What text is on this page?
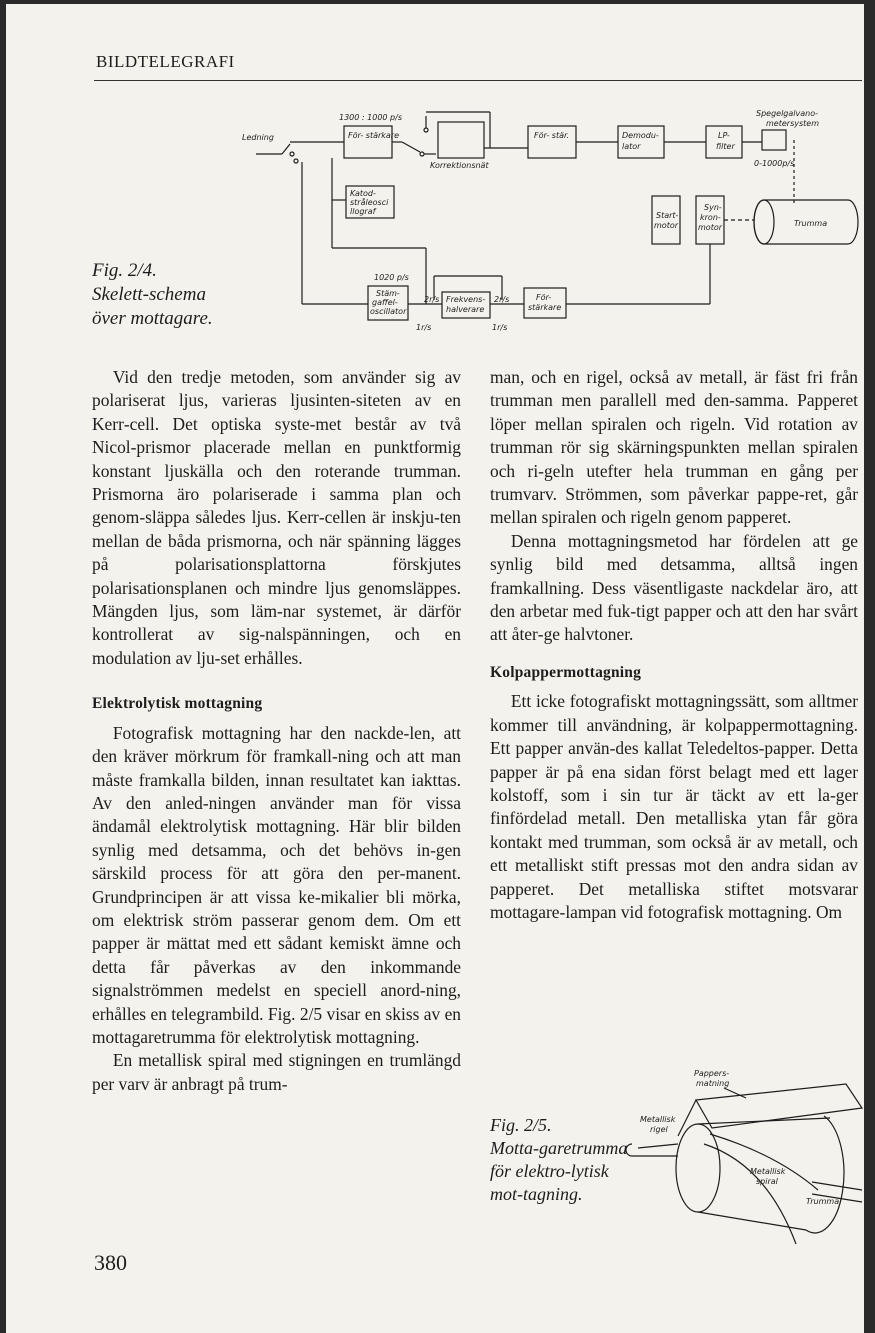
BILDTELEGRAFI
Ledning	För- stärkare
1300 : 1000 p/s
Korrektionsnät
För- stär.	Demodu-
lator
LP-
filter
Spegelgalvano-
metersystem
0-1000p/s
Trumma
Start-
motor
Syn-
kron-
motor
Katod-
stråleosci
llograf
1020 p/s
Stäm-
gaffel-
oscillator
Frekvens-
halverare
2r/s	2r/s
1r/s	1r/s
För-
stärkare
Fig. 2/4. Skelett‑schema över mottagare.

Vid den tredje metoden, som använder sig av polariserat ljus, varieras ljusinten‑siteten av en Kerr‑cell. Det optiska syste‑met består av två Nicol‑prismor placerade mellan en punktformig konstant ljuskälla och den roterande trumman. Prismorna äro polariserade i samma plan och genom‑släppa således ljus. Kerr‑cellen är inskju‑ten mellan de båda prismorna, och när spänning lägges på polarisationsplattorna förskjutes polarisationsplanen och mindre ljus genomsläppes. Mängden ljus, som läm‑nar systemet, är därför kontrollerat av sig‑nalspänningen, och en modulation av lju‑set erhålles.

Elektrolytisk mottagning

Fotografisk mottagning har den nackde‑len, att den kräver mörkrum för framkall‑ning och att man måste framkalla bilden, innan resultatet kan iakttas. Av den anled‑ningen använder man för vissa ändamål elektrolytisk mottagning. Här blir bilden synlig med detsamma, och det behövs in‑gen särskild process för att göra den per‑manent. Grundprincipen är att vissa ke‑mikalier bli mörka, om elektrisk ström passerar genom dem. Om ett papper är mättat med ett sådant kemiskt ämne och detta får påverkas av den inkommande signalströmmen medelst en speciell anord‑ning, erhålles en telegrambild. Fig. 2/5 visar en skiss av en mottagaretrumma för elektrolytisk mottagning.

En metallisk spiral med stigningen en trumlängd per varv är anbragt på trum‑

man, och en rigel, också av metall, är fäst fri från trumman men parallell med den‑samma. Papperet löper mellan spiralen och rigeln. Vid rotation av trumman rör sig skärningspunkten mellan spiralen och ri‑geln utefter hela trumman en gång per trumvarv. Strömmen, som påverkar pappe‑ret, går mellan spiralen och rigeln genom papperet.

Denna mottagningsmetod har fördelen att ge synlig bild med detsamma, alltså ingen framkallning. Dess väsentligaste nackdelar äro, att den arbetar med fuk‑tigt papper och att den har svårt att åter‑ge halvtoner.

Kolpappermottagning

Ett icke fotografiskt mottagningssätt, som alltmer kommer till användning, är kolpappermottagning. Ett papper använ‑des kallat Teledeltos‑papper. Detta papper är på ena sidan först belagt med ett lager kolstoff, som i sin tur är täckt av ett la‑ger finfördelad metall. Den metalliska ytan får göra kontakt med trumman, som också är av metall, och ett metalliskt stift pressas mot den andra sidan av papperet. Det metalliska stiftet motsvarar mottagare‑lampan vid fotografisk mottagning. Om

Pappers-
matning
Metallisk
rigel
Metallisk
spiral
Trumma
Fig. 2/5. Motta‑garetrumma för elektro‑lytisk mot‑tagning.
380
